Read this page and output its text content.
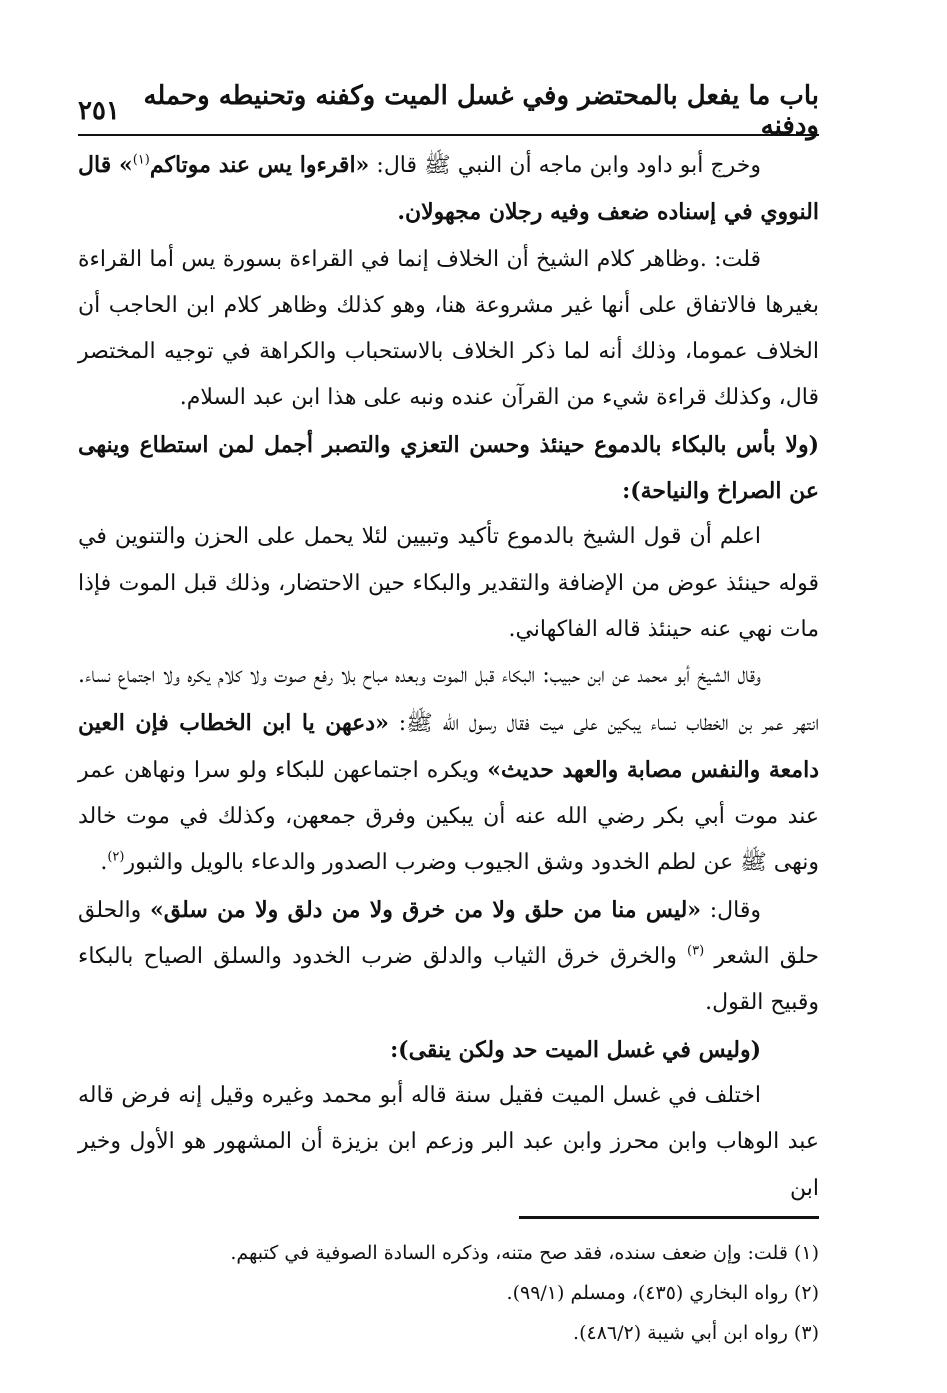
باب ما يفعل بالمحتضر وفي غسل الميت وكفنه وتحنيطه وحمله ودفنه
٢٥١

وخرج أبو داود وابن ماجه أن النبي ﷺ قال: «اقرءوا يس عند موتاكم$^{(١)}$» قال النووي في إسناده ضعف وفيه رجلان مجهولان.

قلت: .وظاهر كلام الشيخ أن الخلاف إنما في القراءة بسورة يس أما القراءة بغيرها فالاتفاق على أنها غير مشروعة هنا، وهو كذلك وظاهر كلام ابن الحاجب أن الخلاف عموما، وذلك أنه لما ذكر الخلاف بالاستحباب والكراهة في توجيه المختصر قال، وكذلك قراءة شيء من القرآن عنده ونبه على هذا ابن عبد السلام.

(ولا بأس بالبكاء بالدموع حينئذ وحسن التعزي والتصبر أجمل لمن استطاع وينهى عن الصراخ والنياحة):

اعلم أن قول الشيخ بالدموع تأكيد وتبيين لئلا يحمل على الحزن والتنوين في قوله حينئذ عوض من الإضافة والتقدير والبكاء حين الاحتضار، وذلك قبل الموت فإذا مات نهي عنه حينئذ قاله الفاكهاني.

وقال الشيخ أبو محمد عن ابن حبيب: البكاء قبل الموت وبعده مباح بلا رفع صوت ولا كلام يكره ولا اجتماع نساء. انتهر عمر بن الخطاب نساء يبكين على ميت فقال رسول الله ﷺ: «دعهن يا ابن الخطاب فإن العين دامعة والنفس مصابة والعهد حديث» ويكره اجتماعهن للبكاء ولو سرا ونهاهن عمر عند موت أبي بكر رضي الله عنه أن يبكين وفرق جمعهن، وكذلك في موت خالد ونهى ﷺ عن لطم الخدود وشق الجيوب وضرب الصدور والدعاء بالويل والثبور$^{(٢)}$.

وقال: «ليس منا من حلق ولا من خرق ولا من دلق ولا من سلق» والحلق حلق الشعر $^{(٣)}$ والخرق خرق الثياب والدلق ضرب الخدود والسلق الصياح بالبكاء وقبيح القول.

(وليس في غسل الميت حد ولكن ينقى):

اختلف في غسل الميت فقيل سنة قاله أبو محمد وغيره وقيل إنه فرض قاله عبد الوهاب وابن محرز وابن عبد البر وزعم ابن بزيزة أن المشهور هو الأول وخير ابن

(١) قلت: وإن ضعف سنده، فقد صح متنه، وذكره السادة الصوفية في كتبهم.
(٢) رواه البخاري (٤٣٥)، ومسلم (٩٩/١).
(٣) رواه ابن أبي شيبة (٤٨٦/٢).
